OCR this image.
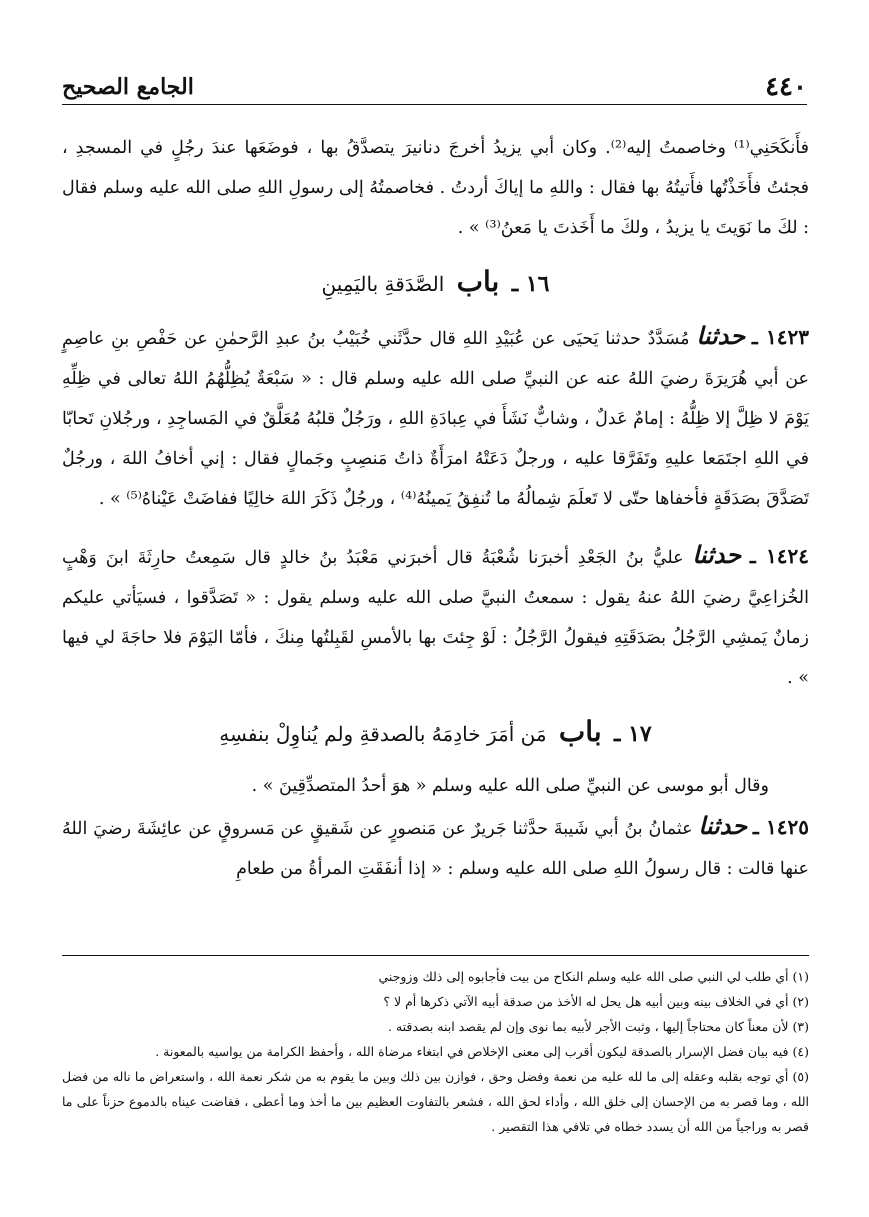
٤٤٠
الجامع الصحيح

فأَنكَحَنِي⁽¹⁾ وخاصمتُ إليه⁽²⁾. وكان أبي يزيدُ أخرجَ دنانيرَ يتصدَّقُ بها ، فوضَعَها عندَ رجُلٍ في المسجدِ ، فجئتُ فأَخَذْتُها فأَتيتُهُ بها فقال : واللهِ ما إياكَ أردتُ . فخاصمتُهُ إلى رسولِ اللهِ صلى الله عليه وسلم فقال : لكَ ما نَوَيتَ يا يزيدُ ، ولكَ ما أَخَذتَ يا مَعنُ⁽³⁾ » .

١٦ ـ باب الصَّدَقةِ باليَمِينِ

١٤٢٣ ـ حدثنا مُسَدَّدٌ حدثنا يَحيَى عن عُبَيْدِ اللهِ قال حدَّثَني خُبَيْبُ بنُ عبدِ الرَّحمٰنِ عن حَفْصِ بنِ عاصِمٍ عن أبي هُرَيرَةَ رضيَ اللهُ عنه عن النبيِّ صلى الله عليه وسلم قال : « سَبْعَةٌ يُظِلُّهُمُ اللهُ تعالى في ظِلِّهِ يَوْمَ لا ظِلَّ إلا ظِلُّهُ : إمامٌ عَدلٌ ، وشابٌّ نَشَأَ في عِبادَةِ اللهِ ، ورَجُلٌ قلبُهُ مُعَلَّقٌ في المَساجِدِ ، ورجُلانِ تَحابّا في اللهِ اجتَمَعا عليهِ وتَفَرَّقا عليه ، ورجلٌ دَعَتْهُ امرَأَةٌ ذاتُ مَنصِبٍ وجَمالٍ فقال : إني أخافُ اللهَ ، ورجُلٌ تَصَدَّقَ بصَدَقَةٍ فأخفاها حتّى لا تَعلَمَ شِمالُهُ ما تُنفِقُ يَمينُهُ⁽⁴⁾ ، ورجُلٌ ذَكَرَ اللهَ خالِيًا ففاضَتْ عَيْناهُ⁽⁵⁾ » .

١٤٢٤ ـ حدثنا عليُّ بنُ الجَعْدِ أخبرَنا شُعْبَةُ قال أخبرَني مَعْبَدُ بنُ خالدٍ قال سَمِعتُ حارِثَةَ ابنَ وَهْبٍ الخُزاعِيَّ رضيَ اللهُ عنهُ يقول : سمعتُ النبيَّ صلى الله عليه وسلم يقول : « تَصَدَّقوا ، فسيَأتي عليكم زمانٌ يَمشِي الرَّجُلُ بصَدَقَتِهِ فيقولُ الرَّجُلُ : لَوْ جِئتَ بها بالأمسِ لقَبِلتُها مِنكَ ، فأمّا اليَوْمَ فلا حاجَةَ لي فيها » .

١٧ ـ باب مَن أمَرَ خادِمَهُ بالصدقةِ ولم يُناوِلْ بنفسِهِ

وقال أبو موسى عن النبيِّ صلى الله عليه وسلم « هوَ أحدُ المتصدِّقِينَ » .

١٤٢٥ ـ حدثنا عثمانُ بنُ أبي شَيبةَ حدَّثنا جَريرٌ عن مَنصورٍ عن شَقيقٍ عن مَسروقٍ عن عائِشَةَ رضيَ اللهُ عنها قالت : قال رسولُ اللهِ صلى الله عليه وسلم : « إذا أنفَقَتِ المرأةُ من طعامِ

(١) أي طلب لي النبي صلى الله عليه وسلم النكاح من بيت فأجابوه إلى ذلك وزوجني

(٢) أي في الخلاف بينه وبين أبيه هل يحل له الأخذ من صدقة أبيه الآتي ذكرها أم لا ؟

(٣) لأن معناً كان محتاجاً إليها ، وثبت الأجر لأبيه بما نوى وإن لم يقصد ابنه بصدقته .

(٤) فيه بيان فضل الإسرار بالصدقة ليكون أقرب إلى معنى الإخلاص في ابتغاء مرضاة الله ، وأحفظ الكرامة من يواسيه بالمعونة .

(٥) أي توجه بقلبه وعقله إلى ما لله عليه من نعمة وفضل وحق ، فوازن بين ذلك وبين ما يقوم به من شكر نعمة الله ، واستعراض ما ناله من فضل الله ، وما قصر به من الإحسان إلى خلق الله ، وأداء لحق الله ، فشعر بالتفاوت العظيم بين ما أخذ وما أعطى ، ففاضت عيناه بالدموع حزناً على ما قصر به وراجياً من الله أن يسدد خطاه في تلافي هذا التقصير .
